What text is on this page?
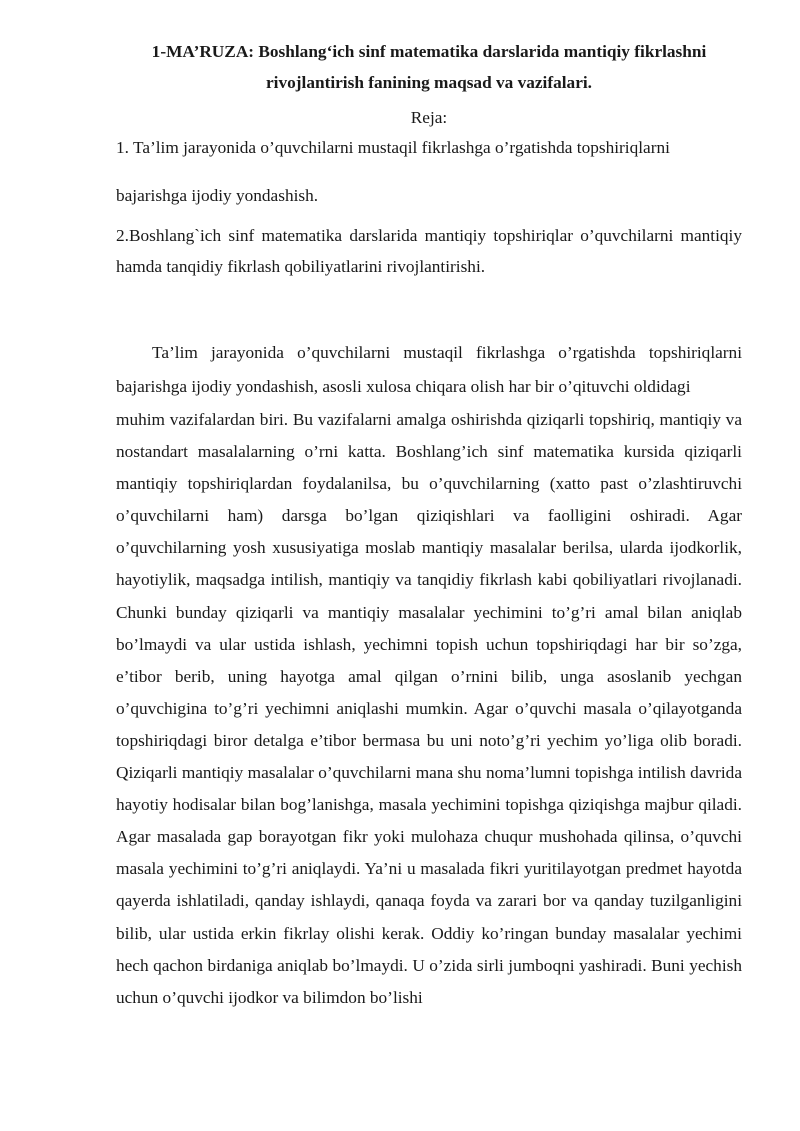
1-MA’RUZA: Boshlang‘ich sinf matematika darslarida mantiqiy fikrlashni rivojlantirish fanining maqsad va vazifalari.

Reja:

1. Ta’lim jarayonida o’quvchilarni mustaqil fikrlashga o’rgatishda topshiriqlarni bajarishga ijodiy yondashish.

2.Boshlang`ich sinf matematika darslarida mantiqiy topshiriqlar o’quvchilarni mantiqiy hamda tanqidiy fikrlash qobiliyatlarini rivojlantirishi.

Ta’lim jarayonida o’quvchilarni mustaqil fikrlashga o’rgatishda topshiriqlarni bajarishga ijodiy yondashish, asosli xulosa chiqara olish har bir o’qituvchi oldidagi

muhim vazifalardan biri. Bu vazifalarni amalga oshirishda qiziqarli topshiriq, mantiqiy va nostandart masalalarning o’rni katta. Boshlang’ich sinf matematika kursida qiziqarli mantiqiy topshiriqlardan foydalanilsa, bu o’quvchilarning (xatto past o’zlashtiruvchi o’quvchilarni ham) darsga bo’lgan qiziqishlari va faolligini oshiradi. Agar o’quvchilarning yosh xususiyatiga moslab mantiqiy masalalar berilsa, ularda ijodkorlik, hayotiylik, maqsadga intilish, mantiqiy va tanqidiy fikrlash kabi qobiliyatlari rivojlanadi. Chunki bunday qiziqarli va mantiqiy masalalar yechimini to’g’ri amal bilan aniqlab bo’lmaydi va ular ustida ishlash, yechimni topish uchun topshiriqdagi har bir so’zga, e’tibor berib, uning hayotga amal qilgan o’rnini bilib, unga asoslanib yechgan o’quvchigina to’g’ri yechimni aniqlashi mumkin. Agar o’quvchi masala o’qilayotganda topshiriqdagi biror detalga e’tibor bermasa bu uni noto’g’ri yechim yo’liga olib boradi. Qiziqarli mantiqiy masalalar o’quvchilarni mana shu noma’lumni topishga intilish davrida hayotiy hodisalar bilan bog’lanishga, masala yechimini topishga qiziqishga majbur qiladi. Agar masalada gap borayotgan fikr yoki mulohaza chuqur mushohada qilinsa, o’quvchi masala yechimini to’g’ri aniqlaydi. Ya’ni u masalada fikri yuritilayotgan predmet hayotda qayerda ishlatiladi, qanday ishlaydi, qanaqa foyda va zarari bor va qanday tuzilganligini bilib, ular ustida erkin fikrlay olishi kerak. Oddiy ko’ringan bunday masalalar yechimi hech qachon birdaniga aniqlab bo’lmaydi. U o’zida sirli jumboqni yashiradi. Buni yechish uchun o’quvchi ijodkor va bilimdon bo’lishi
